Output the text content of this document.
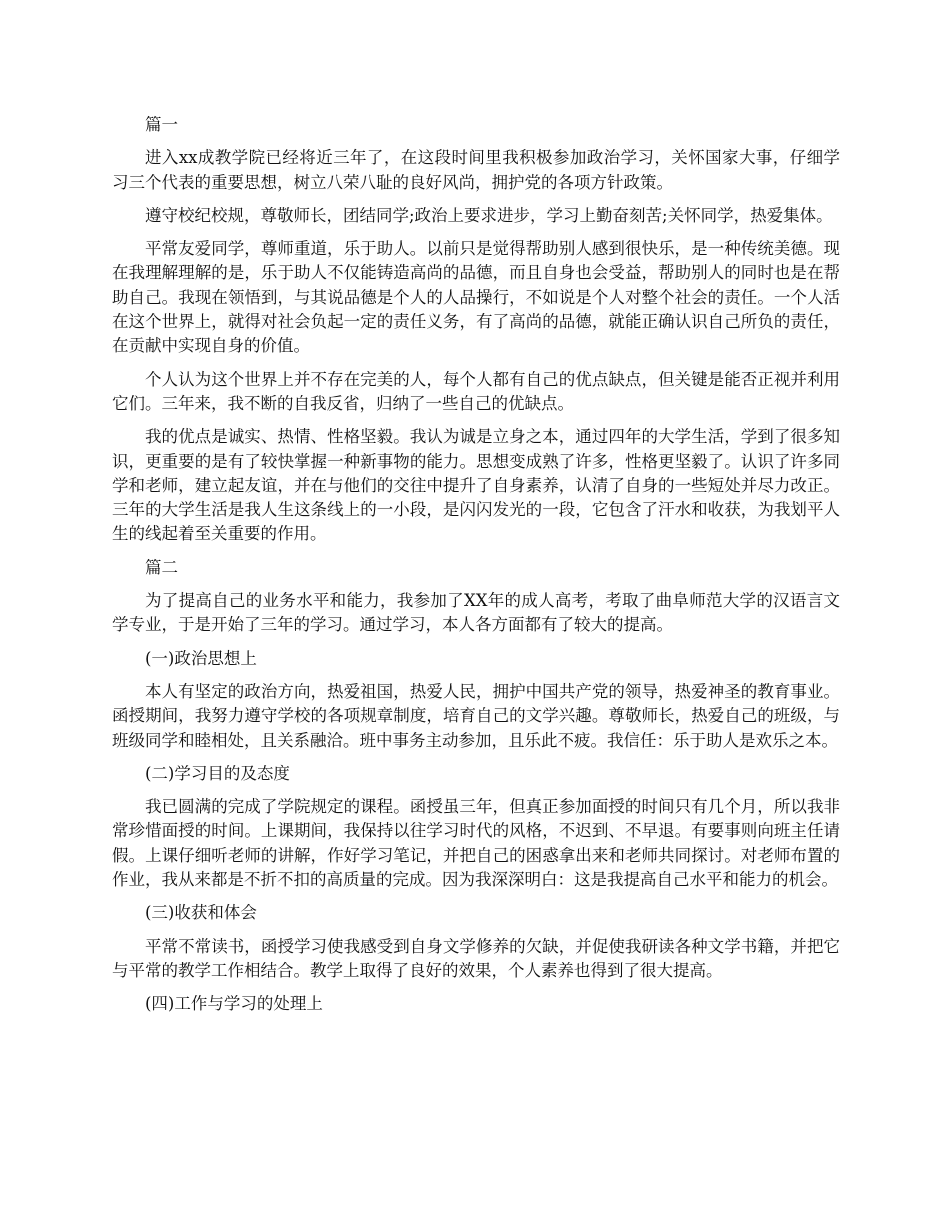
篇一

进入xx成教学院已经将近三年了，在这段时间里我积极参加政治学习，关怀国家大事，仔细学习三个代表的重要思想，树立八荣八耻的良好风尚，拥护党的各项方针政策。

遵守校纪校规，尊敬师长，团结同学;政治上要求进步，学习上勤奋刻苦;关怀同学，热爱集体。

平常友爱同学，尊师重道，乐于助人。以前只是觉得帮助别人感到很快乐，是一种传统美德。现在我理解理解的是，乐于助人不仅能铸造高尚的品德，而且自身也会受益，帮助别人的同时也是在帮助自己。我现在领悟到，与其说品德是个人的人品操行，不如说是个人对整个社会的责任。一个人活在这个世界上，就得对社会负起一定的责任义务，有了高尚的品德，就能正确认识自己所负的责任，在贡献中实现自身的价值。

个人认为这个世界上并不存在完美的人，每个人都有自己的优点缺点，但关键是能否正视并利用它们。三年来，我不断的自我反省，归纳了一些自己的优缺点。

我的优点是诚实、热情、性格坚毅。我认为诚是立身之本，通过四年的大学生活，学到了很多知识，更重要的是有了较快掌握一种新事物的能力。思想变成熟了许多，性格更坚毅了。认识了许多同学和老师，建立起友谊，并在与他们的交往中提升了自身素养，认清了自身的一些短处并尽力改正。三年的大学生活是我人生这条线上的一小段，是闪闪发光的一段，它包含了汗水和收获，为我划平人生的线起着至关重要的作用。

篇二

为了提高自己的业务水平和能力，我参加了XX年的成人高考，考取了曲阜师范大学的汉语言文学专业，于是开始了三年的学习。通过学习，本人各方面都有了较大的提高。

(一)政治思想上

本人有坚定的政治方向，热爱祖国，热爱人民，拥护中国共产党的领导，热爱神圣的教育事业。函授期间，我努力遵守学校的各项规章制度，培育自己的文学兴趣。尊敬师长，热爱自己的班级，与班级同学和睦相处，且关系融洽。班中事务主动参加，且乐此不疲。我信任：乐于助人是欢乐之本。

(二)学习目的及态度

我已圆满的完成了学院规定的课程。函授虽三年，但真正参加面授的时间只有几个月，所以我非常珍惜面授的时间。上课期间，我保持以往学习时代的风格，不迟到、不早退。有要事则向班主任请假。上课仔细听老师的讲解，作好学习笔记，并把自己的困惑拿出来和老师共同探讨。对老师布置的作业，我从来都是不折不扣的高质量的完成。因为我深深明白：这是我提高自己水平和能力的机会。

(三)收获和体会

平常不常读书，函授学习使我感受到自身文学修养的欠缺，并促使我研读各种文学书籍，并把它与平常的教学工作相结合。教学上取得了良好的效果，个人素养也得到了很大提高。

(四)工作与学习的处理上
